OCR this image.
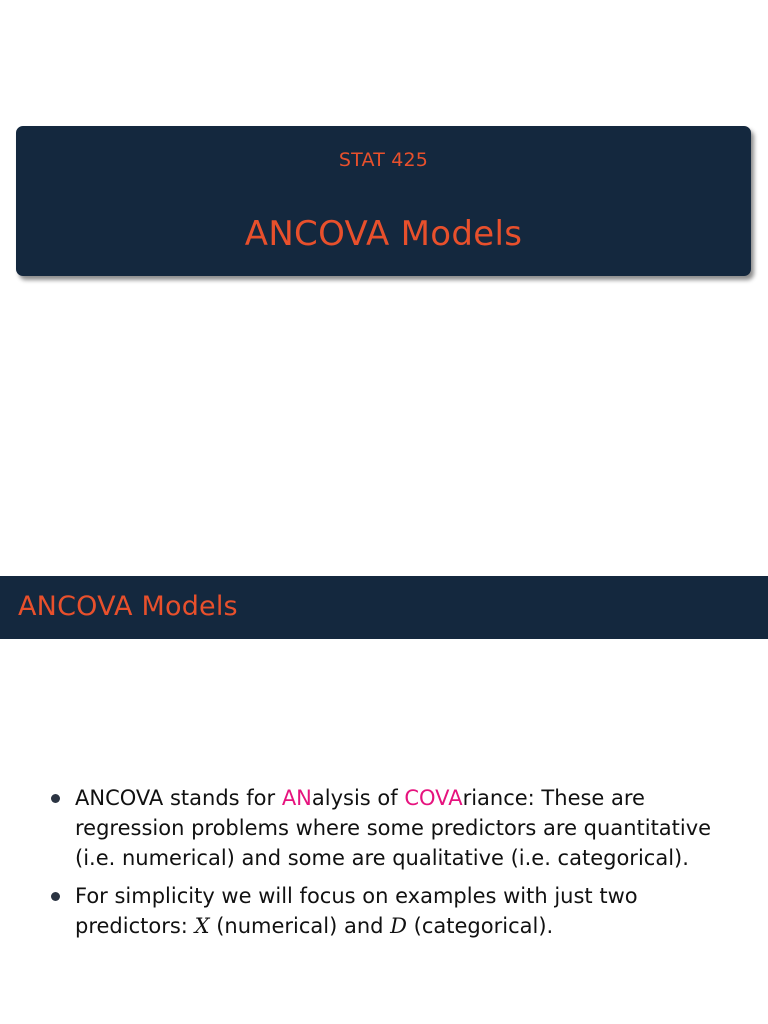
STAT 425
ANCOVA Models
ANCOVA Models
ANCOVA stands for ANalysis of COVAriance: These are regression problems where some predictors are quantitative (i.e. numerical) and some are qualitative (i.e. categorical).
For simplicity we will focus on examples with just two predictors: X (numerical) and D (categorical).
